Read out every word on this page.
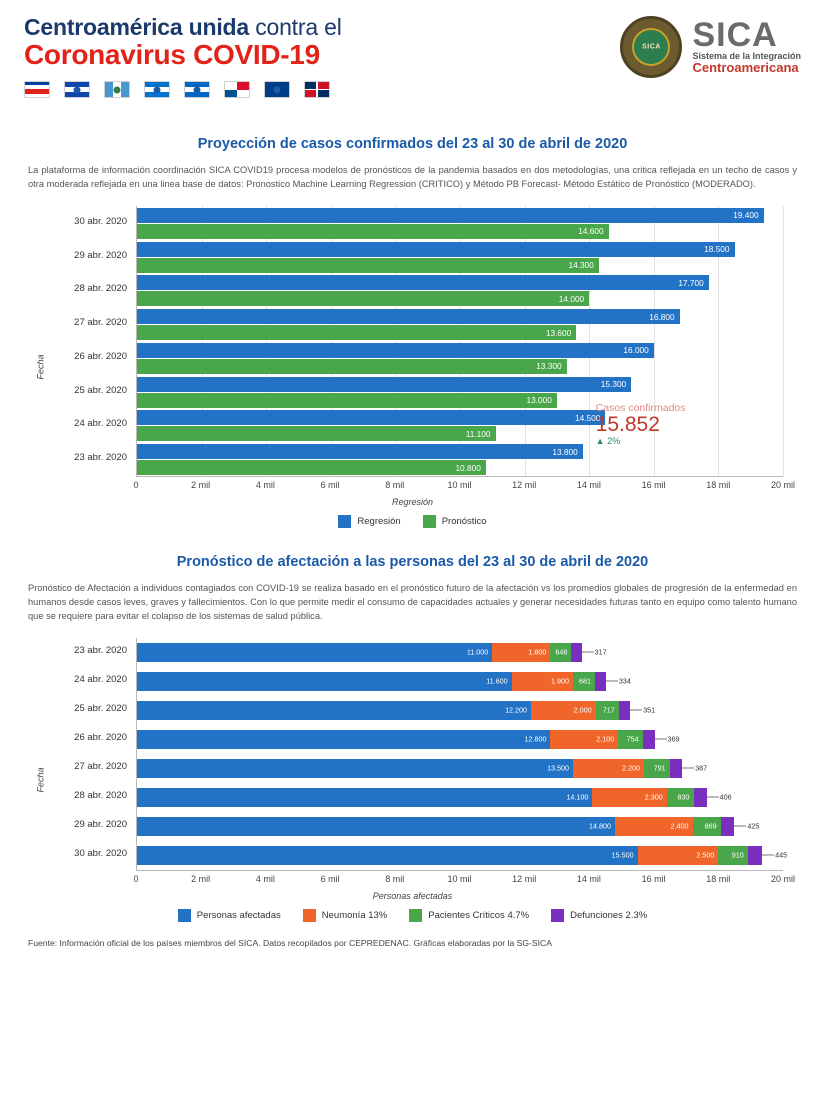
Centroamérica unida contra el
Coronavirus COVID-19	SICA SICA
Sistema de la Integración
Centroamericana
Proyección de casos confirmados del 23 al 30 de abril de 2020
La plataforma de información coordinación SICA COVID19 procesa modelos de pronósticos de la pandemia basados en dos metodologías, una critica reflejada en un techo de casos y otra moderada reflejada en una linea base de datos: Pronostico Machine Learning Regression (CRITICO) y Método PB Forecast- Método Estático de Pronóstico (MODERADO).
Fecha
30 abr. 2020
19.400
14.600
29 abr. 2020
18.500
14.300
28 abr. 2020
17.700
14.000
27 abr. 2020
16.800
13.600
26 abr. 2020
16.000
13.300
25 abr. 2020
15.300
13.000
24 abr. 2020
14.500
11.100
23 abr. 2020
13.800
10.800
Casos confirmados
15.852
▲ 2%
0	2 mil	4 mil	6 mil	8 mil	10 mil	12 mil	14 mil	16 mil	18 mil	20 mil
Regresión
Regresión	Pronóstico
Pronóstico de afectación a las personas del 23 al 30 de abril de 2020
Pronóstico de Afectación a individuos contagiados con COVID-19 se realiza basado en el pronóstico futuro de la afectación vs los promedios globales de progresión de la enfermedad en humanos desde casos leves, graves y fallecimientos. Con lo que permite medir el consumo de capacidades actuales y generar necesidades futuras tanto en equipo como talento humano que se requiere para evitar el colapso de los sistemas de salud pública.
Fecha
23 abr. 2020	11.000	1.800 648	317
24 abr. 2020	11.600	1.900 681	334
25 abr. 2020	12.200	2.000 717	351
26 abr. 2020	12.800	2.100 754	369
27 abr. 2020	13.500	2.200 791	387
28 abr. 2020	14.100	2.300 830	406
29 abr. 2020	14.800	2.400 869	425
30 abr. 2020	15.500	2.500 910	445
0	2 mil	4 mil	6 mil	8 mil	10 mil	12 mil	14 mil	16 mil	18 mil	20 mil
Personas afectadas
Personas afectadas	Neumonía 13%	Pacientes Críticos 4.7%	Defunciones 2.3%
Fuente: Información oficial de los países miembros del SICA. Datos recopilados por CEPREDENAC. Gráficas elaboradas por la SG-SICA
